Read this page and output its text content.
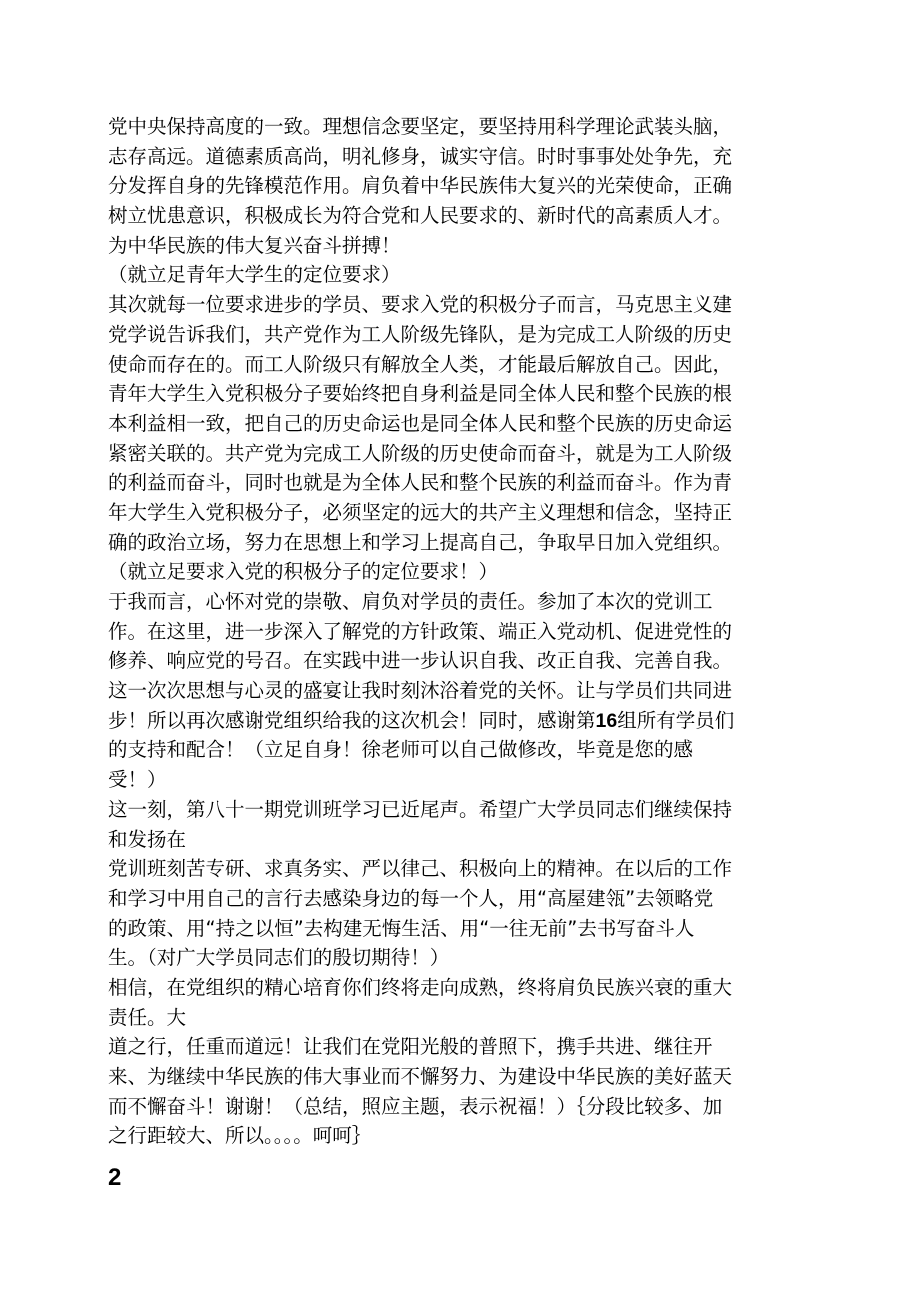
党中央保持高度的一致。理想信念要坚定，要坚持用科学理论武装头脑，
志存高远。道德素质高尚，明礼修身，诚实守信。时时事事处处争先，充
分发挥自身的先锋模范作用。肩负着中华民族伟大复兴的光荣使命，正确
树立忧患意识，积极成长为符合党和人民要求的、新时代的高素质人才。
为中华民族的伟大复兴奋斗拼搏！
（就立足青年大学生的定位要求）
其次就每一位要求进步的学员、要求入党的积极分子而言，马克思主义建
党学说告诉我们，共产党作为工人阶级先锋队，是为完成工人阶级的历史
使命而存在的。而工人阶级只有解放全人类，才能最后解放自己。因此，
青年大学生入党积极分子要始终把自身利益是同全体人民和整个民族的根
本利益相一致，把自己的历史命运也是同全体人民和整个民族的历史命运
紧密关联的。共产党为完成工人阶级的历史使命而奋斗，就是为工人阶级
的利益而奋斗，同时也就是为全体人民和整个民族的利益而奋斗。作为青
年大学生入党积极分子，必须坚定的远大的共产主义理想和信念，坚持正
确的政治立场，努力在思想上和学习上提高自己，争取早日加入党组织。
（就立足要求入党的积极分子的定位要求！）
于我而言，心怀对党的崇敬、肩负对学员的责任。参加了本次的党训工
作。在这里，进一步深入了解党的方针政策、端正入党动机、促进党性的
修养、响应党的号召。在实践中进一步认识自我、改正自我、完善自我。
这一次次思想与心灵的盛宴让我时刻沐浴着党的关怀。让与学员们共同进
步！所以再次感谢党组织给我的这次机会！同时，感谢第16组所有学员们
的支持和配合！（立足自身！徐老师可以自己做修改，毕竟是您的感
受！）
这一刻，第八十一期党训班学习已近尾声。希望广大学员同志们继续保持
和发扬在
党训班刻苦专研、求真务实、严以律己、积极向上的精神。在以后的工作
和学习中用自己的言行去感染身边的每一个人，用“高屋建瓴”去领略党
的政策、用“持之以恒”去构建无悔生活、用“一往无前”去书写奋斗人
生。（对广大学员同志们的殷切期待！）
相信，在党组织的精心培育你们终将走向成熟，终将肩负民族兴衰的重大
责任。大
道之行，任重而道远！让我们在党阳光般的普照下，携手共进、继往开
来、为继续中华民族的伟大事业而不懈努力、为建设中华民族的美好蓝天
而不懈奋斗！谢谢！（总结，照应主题，表示祝福！）｛分段比较多、加
之行距较大、所以。。。。呵呵｝
2
